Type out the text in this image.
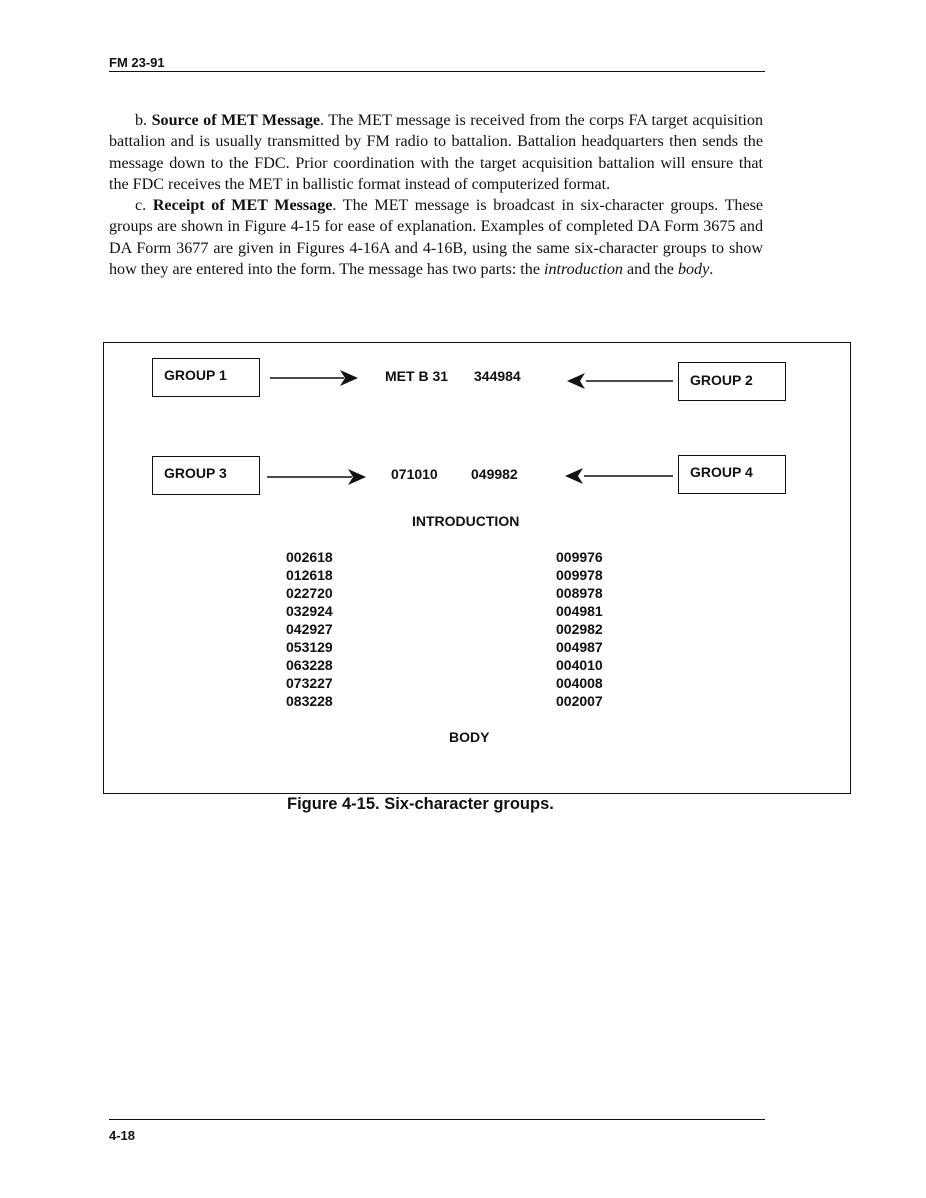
FM 23-91

b. Source of MET Message. The MET message is received from the corps FA target acquisition battalion and is usually transmitted by FM radio to battalion. Battalion headquarters then sends the message down to the FDC. Prior coordination with the target acquisition battalion will ensure that the FDC receives the MET in ballistic format instead of computerized format.

c. Receipt of MET Message. The MET message is broadcast in six-character groups. These groups are shown in Figure 4-15 for ease of explanation. Examples of completed DA Form 3675 and DA Form 3677 are given in Figures 4-16A and 4-16B, using the same six-character groups to show how they are entered into the form. The message has two parts: the introduction and the body.

GROUP 1	GROUP 2
GROUP 3	GROUP 4
MET B 31 344984
071010 049982
INTRODUCTION
002618
012618
022720
032924
042927
053129
063228
073227
083228
009976
009978
008978
004981
002982
004987
004010
004008
002007
BODY
Figure 4-15. Six-character groups.
4-18
